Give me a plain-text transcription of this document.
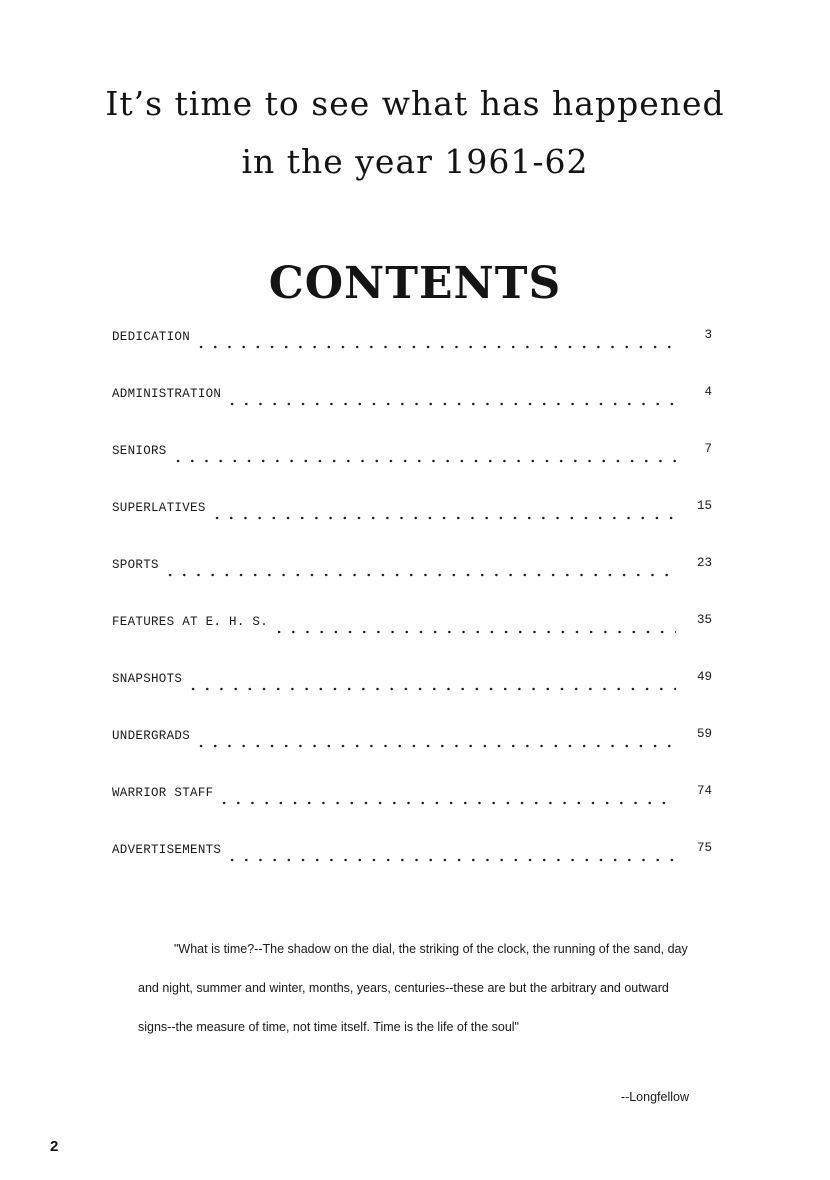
It’s time to see what has happened
in the year 1961-62
CONTENTS
DEDICATION	3
ADMINISTRATION	4
SENIORS	7
SUPERLATIVES	15
SPORTS	23
FEATURES AT E. H. S.	35
SNAPSHOTS	49
UNDERGRADS	59
WARRIOR STAFF	74
ADVERTISEMENTS	75

"What is time?--The shadow on the dial, the striking of the clock, the running of the sand, day and night, summer and winter, months, years, centuries--these are but the arbitrary and outward signs--the measure of time, not time itself. Time is the life of the soul"

--Longfellow
2
